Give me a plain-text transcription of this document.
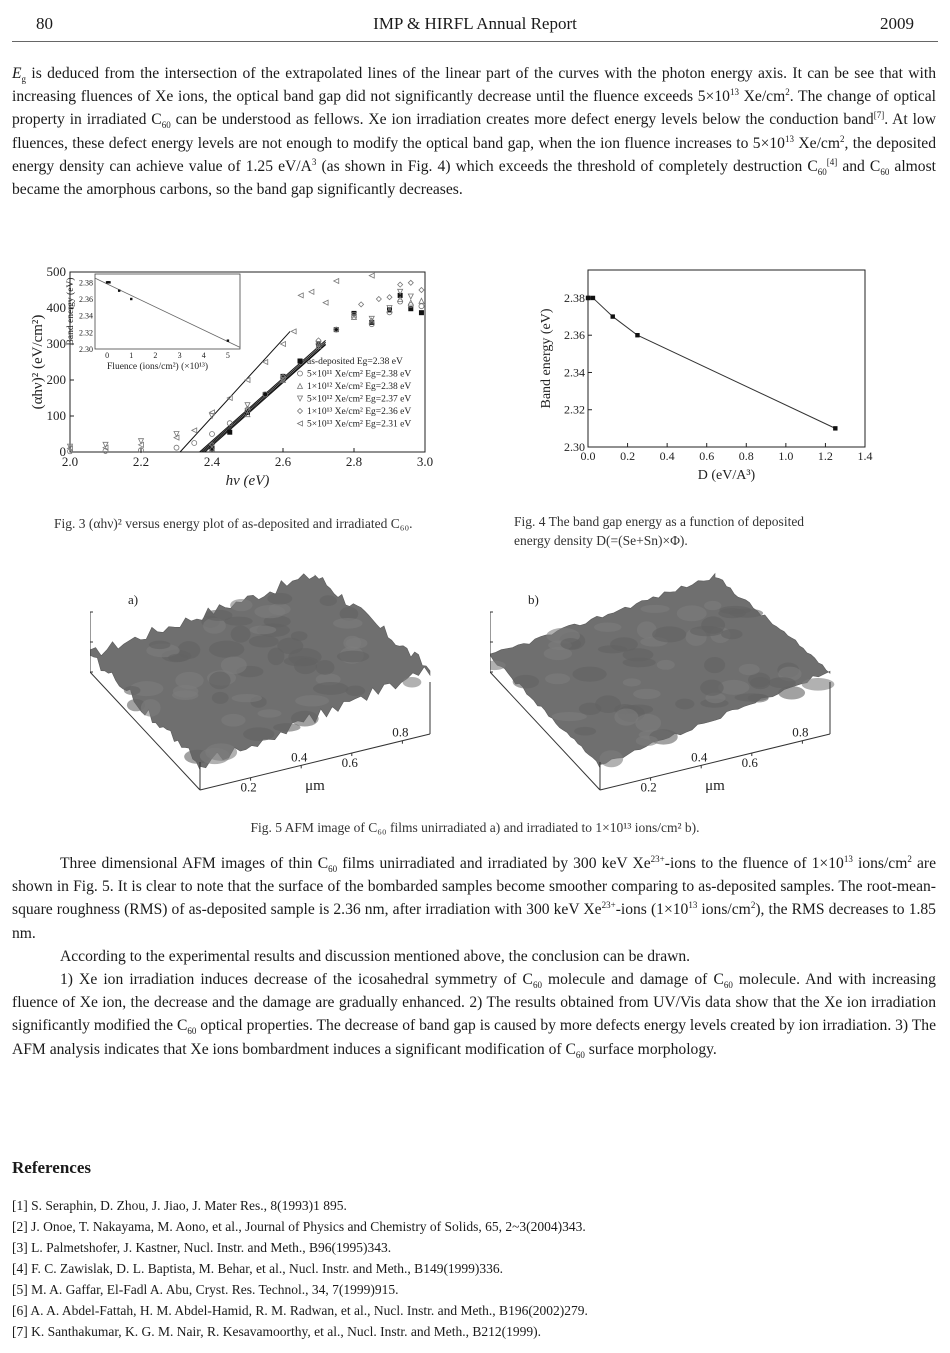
80	IMP & HIRFL Annual Report	2009

$E_g$ is deduced from the intersection of the extrapolated lines of the linear part of the curves with the photon energy axis. It can be see that with increasing fluences of Xe ions, the optical band gap did not significantly decrease until the fluence exceeds $5\times 10^{13}$ $Xe/cm^2$. The change of optical property in irradiated $C_{60}$ can be understood as fellows. Xe ion irradiation creates more defect energy levels below the conduction band[7]. At low fluences, these defect energy levels are not enough to modify the optical band gap, when the ion fluence increases to $5\times 10^{13}$ $Xe/cm^2$, the deposited energy density can achieve value of 1.25 $eV/A^3$ (as shown in Fig. 4) which exceeds the threshold of completely destruction $C_{60}[4]$ and $C_{60}$ almost became the amorphous carbons, so the band gap significantly decreases.

2.0	2.2	2.4	2.6	2.8	3.0
0
100
200
300
400
500
hν (eV)
(αhν)² (eV/cm²)	as-deposited Eg=2.38 eV
5×10¹¹ Xe/cm² Eg=2.38 eV
1×10¹² Xe/cm² Eg=2.38 eV
5×10¹² Xe/cm² Eg=2.37 eV
1×10¹³ Xe/cm² Eg=2.36 eV
5×10¹³ Xe/cm² Eg=2.31 eV
0	1	2	3	4	5
2.30
2.32
2.34
2.36
2.38
Fluence (ions/cm²) (×10¹³)
Band energy (eV)
Fig. 3 (αhν)² versus energy plot of as-deposited and irradiated C₆₀.
0.0 0.2 0.4 0.6 0.8 1.0 1.2 1.4
2.30
2.32
2.34
2.36
2.38
D (eV/A³)
Band energy (eV)
Fig. 4 The band gap energy as a function of deposited
energy density D(=(Se+Sn)×Φ).
0.2
0.4	0.6
0.8
μm
a)
0.2
0.4	0.6
0.8
μm
b)
Fig. 5 AFM image of C₆₀ films unirradiated a) and irradiated to 1×10¹³ ions/cm² b).

Three dimensional AFM images of thin $C_{60}$ films unirradiated and irradiated by 300 keV $Xe^{23+}$-ions to the fluence of $1\times 10^{13}$ ions/$cm^2$ are shown in Fig. 5. It is clear to note that the surface of the bombarded samples become smoother comparing to as-deposited samples. The root-mean-square roughness (RMS) of as-deposited sample is 2.36 nm, after irradiation with 300 keV $Xe^{23+}$-ions ($1\times 10^{13}$ ions/$cm^2$), the RMS decreases to 1.85 nm.

According to the experimental results and discussion mentioned above, the conclusion can be drawn.

1) Xe ion irradiation induces decrease of the icosahedral symmetry of $C_{60}$ molecule and damage of $C_{60}$ molecule. And with increasing fluence of Xe ion, the decrease and the damage are gradually enhanced. 2) The results obtained from UV/Vis data show that the Xe ion irradiation significantly modified the $C_{60}$ optical properties. The decrease of band gap is caused by more defects energy levels created by ion irradiation. 3) The AFM analysis indicates that Xe ions bombardment induces a significant modification of $C_{60}$ surface morphology.

References
[1] S. Seraphin, D. Zhou, J. Jiao, J. Mater Res., 8(1993)1 895.
[2] J. Onoe, T. Nakayama, M. Aono, et al., Journal of Physics and Chemistry of Solids, 65, 2~3(2004)343.
[3] L. Palmetshofer, J. Kastner, Nucl. Instr. and Meth., B96(1995)343.
[4] F. C. Zawislak, D. L. Baptista, M. Behar, et al., Nucl. Instr. and Meth., B149(1999)336.
[5] M. A. Gaffar, El-Fadl A. Abu, Cryst. Res. Technol., 34, 7(1999)915.
[6] A. A. Abdel-Fattah, H. M. Abdel-Hamid, R. M. Radwan, et al., Nucl. Instr. and Meth., B196(2002)279.
[7] K. Santhakumar, K. G. M. Nair, R. Kesavamoorthy, et al., Nucl. Instr. and Meth., B212(1999).
